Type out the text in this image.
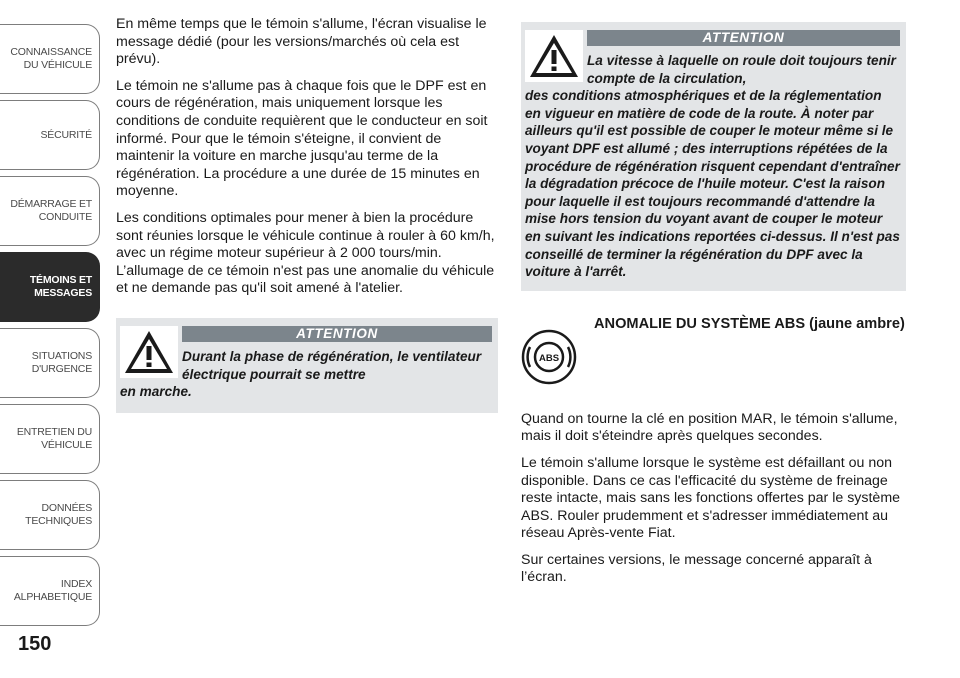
CONNAISSANCE
DU VÉHICULE
SÉCURITÉ
DÉMARRAGE ET
CONDUITE
TÉMOINS ET
MESSAGES
SITUATIONS
D'URGENCE
ENTRETIEN DU
VÉHICULE
DONNÉES
TECHNIQUES
INDEX
ALPHABETIQUE
150

En même temps que le témoin s'allume, l'écran visualise le message dédié (pour les versions/marchés où cela est prévu).

Le témoin ne s'allume pas à chaque fois que le DPF est en cours de régénération, mais uniquement lorsque les conditions de conduite requièrent que le conducteur en soit informé. Pour que le témoin s'éteigne, il convient de maintenir la voiture en marche jusqu'au terme de la régénération. La procédure a une durée de 15 minutes en moyenne.

Les conditions optimales pour mener à bien la procédure sont réunies lorsque le véhicule continue à rouler à 60 km/h, avec un régime moteur supérieur à 2 000 tours/min. L’allumage de ce témoin n'est pas une anomalie du véhicule et ne demande pas qu'il soit amené à l'atelier.

ATTENTION
Durant la phase de régénération, le ventilateur électrique pourrait se mettre
en marche.
ATTENTION
La vitesse à laquelle on roule doit toujours tenir compte de la circulation,
des conditions atmosphériques et de la réglementation en vigueur en matière de code de la route. À noter par ailleurs qu'il est possible de couper le moteur même si le voyant DPF est allumé ; des interruptions répétées de la procédure de régénération risquent cependant d'entraîner la dégradation précoce de l'huile moteur. C'est la raison pour laquelle il est toujours recommandé d'attendre la mise hors tension du voyant avant de couper le moteur en suivant les indications reportées ci-dessus. Il n'est pas conseillé de terminer la régénération du DPF avec la voiture à l'arrêt.
ABS
ANOMALIE DU SYSTÈME ABS (jaune ambre)

Quand on tourne la clé en position MAR, le témoin s'allume, mais il doit s'éteindre après quelques secondes.

Le témoin s'allume lorsque le système est défaillant ou non disponible. Dans ce cas l'efficacité du système de freinage reste intacte, mais sans les fonctions offertes par le système ABS. Rouler prudemment et s'adresser immédiatement au réseau Après-vente Fiat.

Sur certaines versions, le message concerné apparaît à l’écran.
